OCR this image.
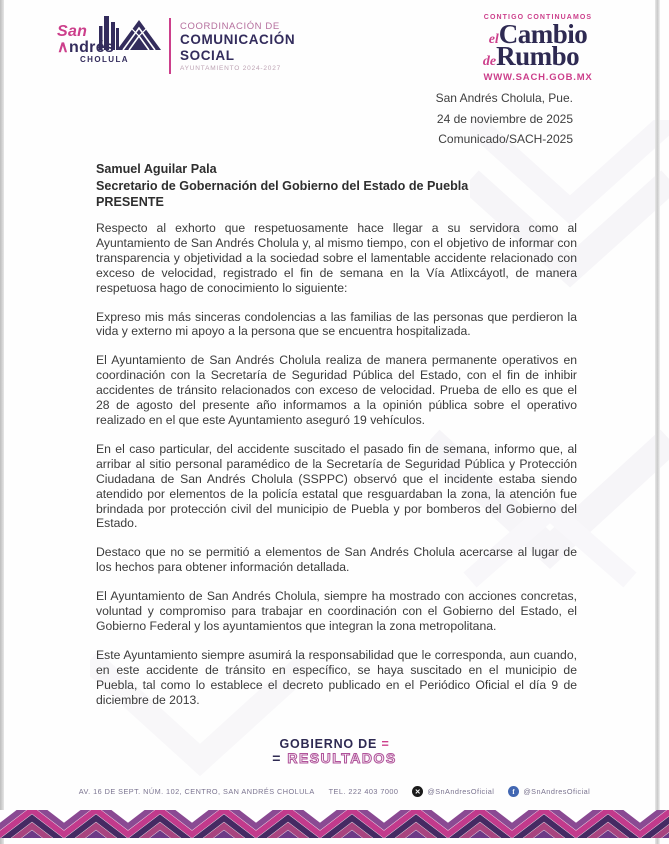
San
∧ndrés
CHOLULA
COORDINACIÓN DE
COMUNICACIÓN
SOCIAL
AYUNTAMIENTO 2024-2027
CONTIGO CONTINUAMOS
elCambio
deRumbo
WWW.SACH.GOB.MX
San Andrés Cholula, Pue.
24 de noviembre de 2025
Comunicado/SACH-2025
Samuel Aguilar Pala
Secretario de Gobernación del Gobierno del Estado de Puebla
PRESENTE

Respecto al exhorto que respetuosamente hace llegar a su servidora como al Ayuntamiento de San Andrés Cholula y, al mismo tiempo, con el objetivo de informar con transparencia y objetividad a la sociedad sobre el lamentable accidente relacionado con exceso de velocidad, registrado el fin de semana en la Vía Atlixcáyotl, de manera respetuosa hago de conocimiento lo siguiente:

Expreso mis más sinceras condolencias a las familias de las personas que perdieron la vida y externo mi apoyo a la persona que se encuentra hospitalizada.

El Ayuntamiento de San Andrés Cholula realiza de manera permanente operativos en coordinación con la Secretaría de Seguridad Pública del Estado, con el fin de inhibir accidentes de tránsito relacionados con exceso de velocidad. Prueba de ello es que el 28 de agosto del presente año informamos a la opinión pública sobre el operativo realizado en el que este Ayuntamiento aseguró 19 vehículos.

En el caso particular, del accidente suscitado el pasado fin de semana, informo que, al arribar al sitio personal paramédico de la Secretaría de Seguridad Pública y Protección Ciudadana de San Andrés Cholula (SSPPC) observó que el incidente estaba siendo atendido por elementos de la policía estatal que resguardaban la zona, la atención fue brindada por protección civil del municipio de Puebla y por bomberos del Gobierno del Estado.

Destaco que no se permitió a elementos de San Andrés Cholula acercarse al lugar de los hechos para obtener información detallada.

El Ayuntamiento de San Andrés Cholula, siempre ha mostrado con acciones concretas, voluntad y compromiso para trabajar en coordinación con el Gobierno del Estado, el Gobierno Federal y los ayuntamientos que integran la zona metropolitana.

Este Ayuntamiento siempre asumirá la responsabilidad que le corresponda, aun cuando, en este accidente de tránsito en específico, se haya suscitado en el municipio de Puebla, tal como lo establece el decreto publicado en el Periódico Oficial el día 9 de diciembre de 2013.

GOBIERNO DE =
= RESULTADOS
AV. 16 DE SEPT. NÚM. 102, CENTRO, SAN ANDRÉS CHOLULA TEL. 222 403 7000	✕ @SnAndresOficial	f	@SnAndresOficial
